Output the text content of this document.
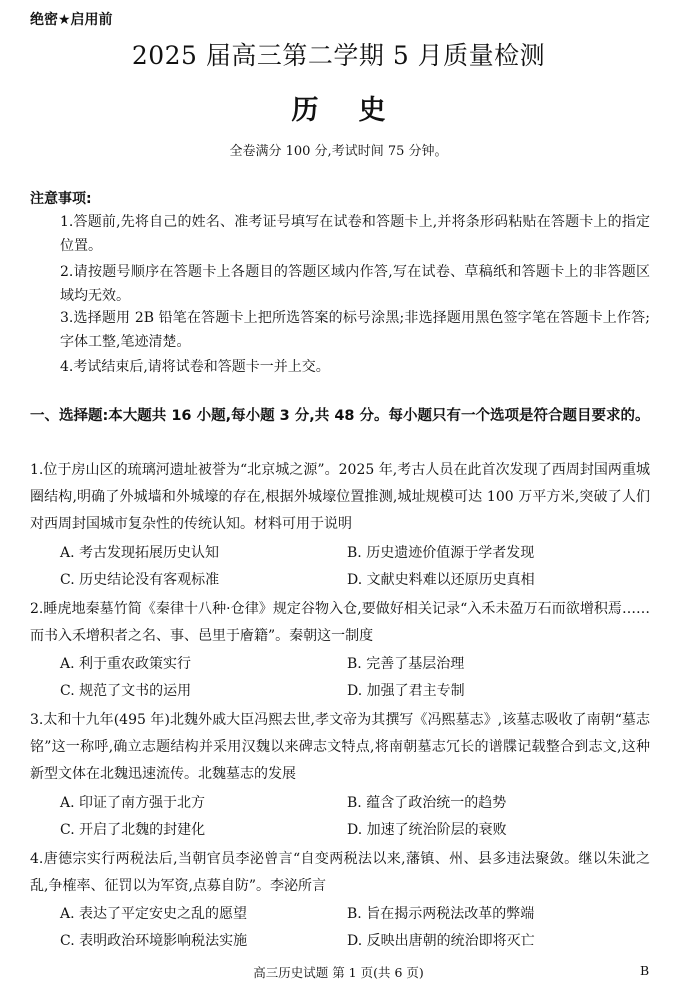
绝密★启用前
2025 届高三第二学期 5 月质量检测
历史
全卷满分 100 分,考试时间 75 分钟。
注意事项:
1.答题前,先将自己的姓名、准考证号填写在试卷和答题卡上,并将条形码粘贴在答题卡上的指定位置。
2.请按题号顺序在答题卡上各题目的答题区域内作答,写在试卷、草稿纸和答题卡上的非答题区域均无效。
3.选择题用 2B 铅笔在答题卡上把所选答案的标号涂黑;非选择题用黑色签字笔在答题卡上作答;字体工整,笔迹清楚。
4.考试结束后,请将试卷和答题卡一并上交。
一、选择题:本大题共 16 小题,每小题 3 分,共 48 分。每小题只有一个选项是符合题目要求的。
1.位于房山区的琉璃河遗址被誉为“北京城之源”。2025 年,考古人员在此首次发现了西周封国两重城圈结构,明确了外城墙和外城壕的存在,根据外城壕位置推测,城址规模可达 100 万平方米,突破了人们对西周封国城市复杂性的传统认知。材料可用于说明
A. 考古发现拓展历史认知	B. 历史遗迹价值源于学者发现
C. 历史结论没有客观标准	D. 文献史料难以还原历史真相
2.睡虎地秦墓竹简《秦律十八种·仓律》规定谷物入仓,要做好相关记录“入禾未盈万石而欲增积焉……而书入禾增积者之名、事、邑里于廥籍”。秦朝这一制度
A. 利于重农政策实行	B. 完善了基层治理
C. 规范了文书的运用	D. 加强了君主专制
3.太和十九年(495 年)北魏外戚大臣冯熙去世,孝文帝为其撰写《冯熙墓志》,该墓志吸收了南朝“墓志铭”这一称呼,确立志题结构并采用汉魏以来碑志文特点,将南朝墓志冗长的谱牒记载整合到志文,这种新型文体在北魏迅速流传。北魏墓志的发展
A. 印证了南方强于北方	B. 蕴含了政治统一的趋势
C. 开启了北魏的封建化	D. 加速了统治阶层的衰败
4.唐德宗实行两税法后,当朝官员李泌曾言“自变两税法以来,藩镇、州、县多违法聚敛。继以朱泚之乱,争榷率、征罚以为军资,点募自防”。李泌所言
A. 表达了平定安史之乱的愿望	B. 旨在揭示两税法改革的弊端
C. 表明政治环境影响税法实施	D. 反映出唐朝的统治即将灭亡
高三历史试题 第 1 页(共 6 页)	B
